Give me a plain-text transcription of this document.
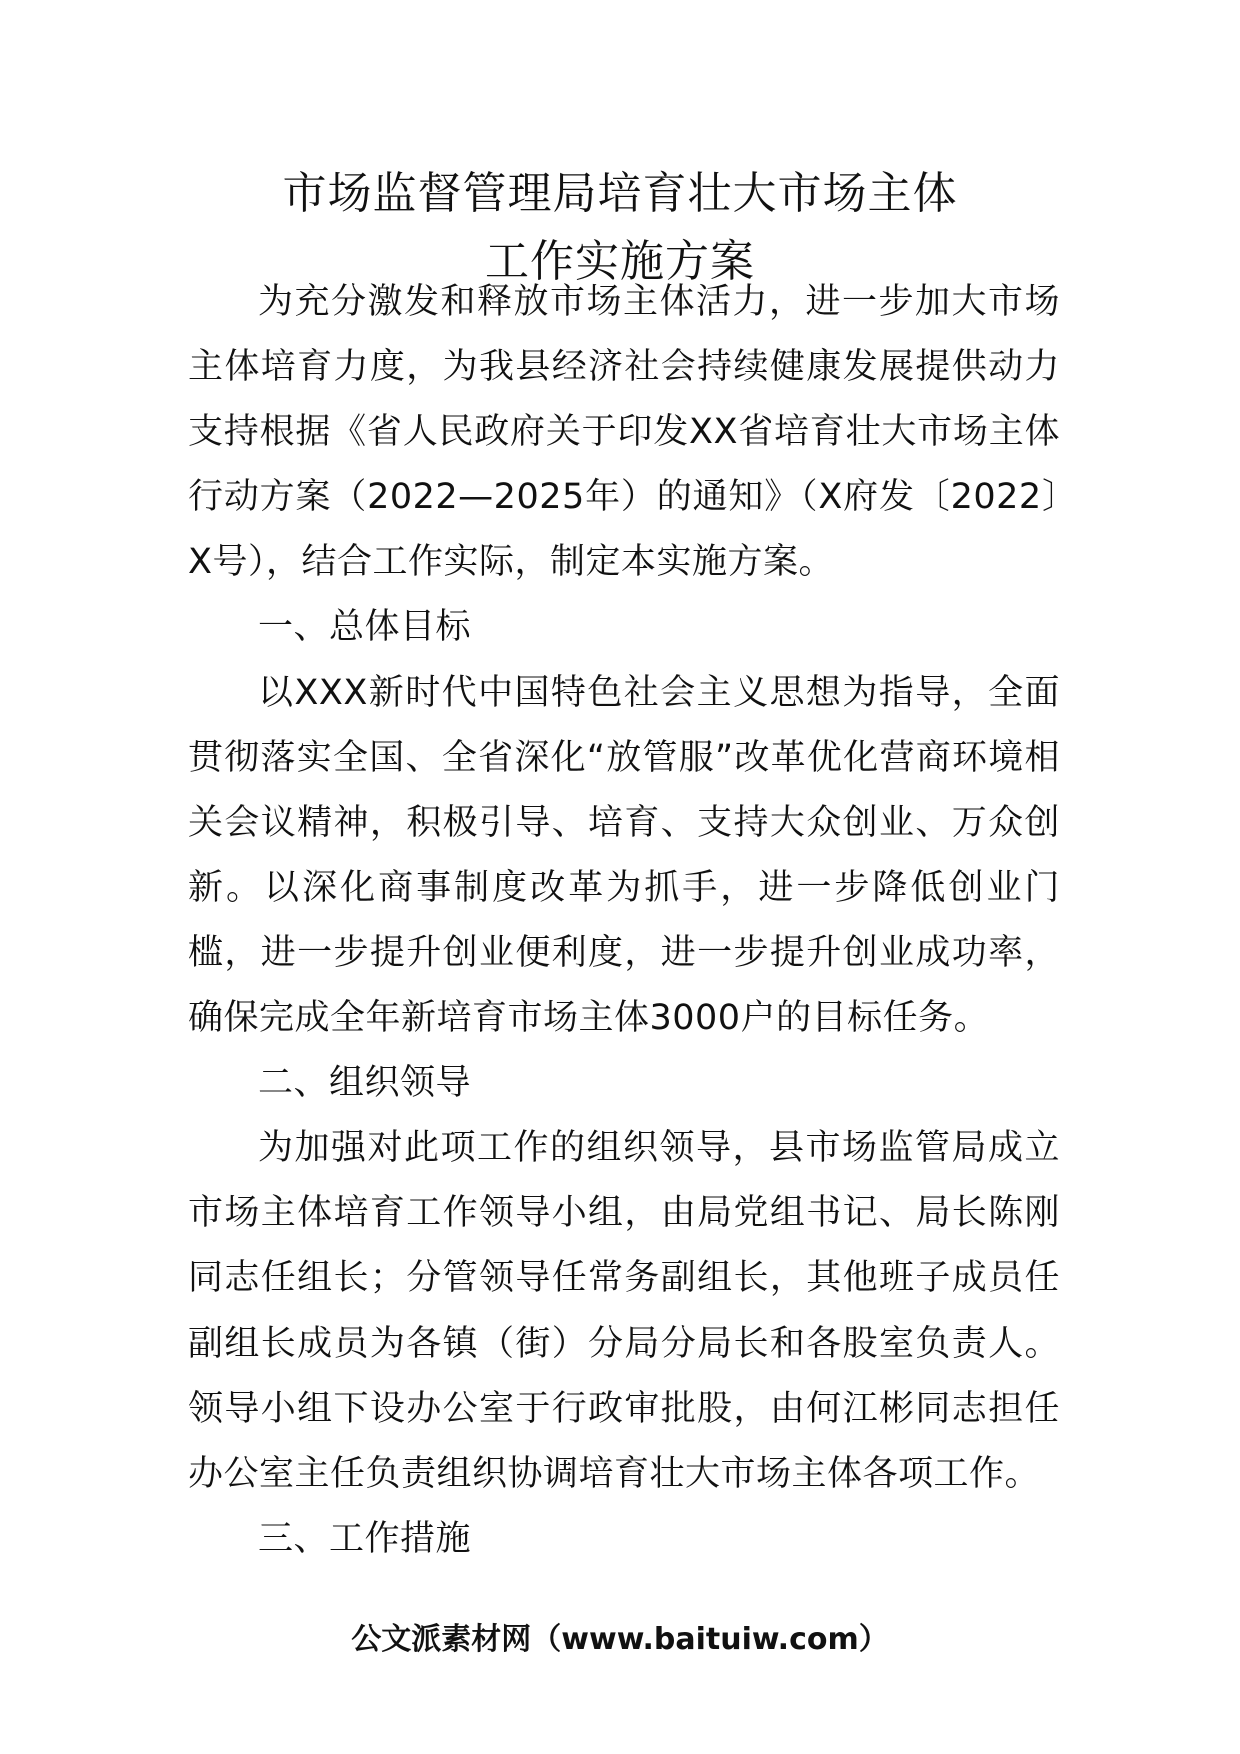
市场监督管理局培育壮大市场主体
工作实施方案

为充分激发和释放市场主体活力，进一步加大市场主体培育力度，为我县经济社会持续健康发展提供动力支持根据《省人民政府关于印发XX省培育壮大市场主体行动方案（2022—2025年）的通知》（X府发〔2022〕X号），结合工作实际，制定本实施方案。

一、总体目标

以XXX新时代中国特色社会主义思想为指导，全面贯彻落实全国、全省深化“放管服”改革优化营商环境相关会议精神，积极引导、培育、支持大众创业、万众创新。以深化商事制度改革为抓手，进一步降低创业门槛，进一步提升创业便利度，进一步提升创业成功率，确保完成全年新培育市场主体3000户的目标任务。

二、组织领导

为加强对此项工作的组织领导，县市场监管局成立市场主体培育工作领导小组，由局党组书记、局长陈刚同志任组长；分管领导任常务副组长，其他班子成员任副组长成员为各镇（街）分局分局长和各股室负责人。领导小组下设办公室于行政审批股，由何江彬同志担任办公室主任负责组织协调培育壮大市场主体各项工作。

三、工作措施

公文派素材网（www.baituiw.com）
